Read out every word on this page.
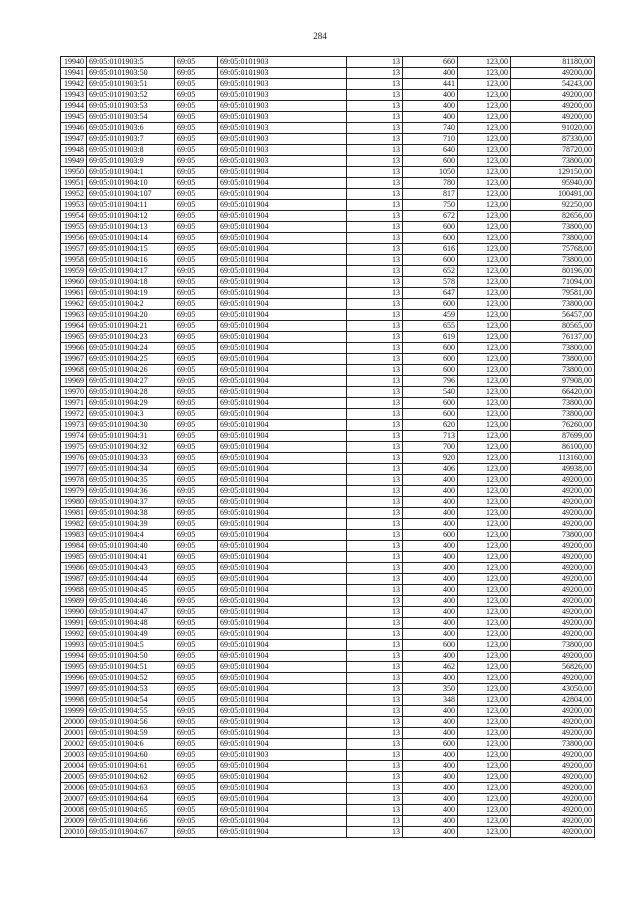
284
19940	69:05:0101903:5	69:05	69:05:0101903	13	660	123,00	81180,00
19941	69:05:0101903:50	69:05	69:05:0101903	13	400	123,00	49200,00
19942	69:05:0101903:51	69:05	69:05:0101903	13	441	123,00	54243,00
19943	69:05:0101903:52	69:05	69:05:0101903	13	400	123,00	49200,00
19944	69:05:0101903:53	69:05	69:05:0101903	13	400	123,00	49200,00
19945	69:05:0101903:54	69:05	69:05:0101903	13	400	123,00	49200,00
19946	69:05:0101903:6	69:05	69:05:0101903	13	740	123,00	91020,00
19947	69:05:0101903:7	69:05	69:05:0101903	13	710	123,00	87330,00
19948	69:05:0101903:8	69:05	69:05:0101903	13	640	123,00	78720,00
19949	69:05:0101903:9	69:05	69:05:0101903	13	600	123,00	73800,00
19950	69:05:0101904:1	69:05	69:05:0101904	13	1050	123,00	129150,00
19951	69:05:0101904:10	69:05	69:05:0101904	13	780	123,00	95940,00
19952	69:05:0101904:107	69:05	69:05:0101904	13	817	123,00	100491,00
19953	69:05:0101904:11	69:05	69:05:0101904	13	750	123,00	92250,00
19954	69:05:0101904:12	69:05	69:05:0101904	13	672	123,00	82656,00
19955	69:05:0101904:13	69:05	69:05:0101904	13	600	123,00	73800,00
19956	69:05:0101904:14	69:05	69:05:0101904	13	600	123,00	73800,00
19957	69:05:0101904:15	69:05	69:05:0101904	13	616	123,00	75768,00
19958	69:05:0101904:16	69:05	69:05:0101904	13	600	123,00	73800,00
19959	69:05:0101904:17	69:05	69:05:0101904	13	652	123,00	80196,00
19960	69:05:0101904:18	69:05	69:05:0101904	13	578	123,00	71094,00
19961	69:05:0101904:19	69:05	69:05:0101904	13	647	123,00	79581,00
19962	69:05:0101904:2	69:05	69:05:0101904	13	600	123,00	73800,00
19963	69:05:0101904:20	69:05	69:05:0101904	13	459	123,00	56457,00
19964	69:05:0101904:21	69:05	69:05:0101904	13	655	123,00	80565,00
19965	69:05:0101904:23	69:05	69:05:0101904	13	619	123,00	76137,00
19966	69:05:0101904:24	69:05	69:05:0101904	13	600	123,00	73800,00
19967	69:05:0101904:25	69:05	69:05:0101904	13	600	123,00	73800,00
19968	69:05:0101904:26	69:05	69:05:0101904	13	600	123,00	73800,00
19969	69:05:0101904:27	69:05	69:05:0101904	13	796	123,00	97908,00
19970	69:05:0101904:28	69:05	69:05:0101904	13	540	123,00	66420,00
19971	69:05:0101904:29	69:05	69:05:0101904	13	600	123,00	73800,00
19972	69:05:0101904:3	69:05	69:05:0101904	13	600	123,00	73800,00
19973	69:05:0101904:30	69:05	69:05:0101904	13	620	123,00	76260,00
19974	69:05:0101904:31	69:05	69:05:0101904	13	713	123,00	87699,00
19975	69:05:0101904:32	69:05	69:05:0101904	13	700	123,00	86100,00
19976	69:05:0101904:33	69:05	69:05:0101904	13	920	123,00	113160,00
19977	69:05:0101904:34	69:05	69:05:0101904	13	406	123,00	49938,00
19978	69:05:0101904:35	69:05	69:05:0101904	13	400	123,00	49200,00
19979	69:05:0101904:36	69:05	69:05:0101904	13	400	123,00	49200,00
19980	69:05:0101904:37	69:05	69:05:0101904	13	400	123,00	49200,00
19981	69:05:0101904:38	69:05	69:05:0101904	13	400	123,00	49200,00
19982	69:05:0101904:39	69:05	69:05:0101904	13	400	123,00	49200,00
19983	69:05:0101904:4	69:05	69:05:0101904	13	600	123,00	73800,00
19984	69:05:0101904:40	69:05	69:05:0101904	13	400	123,00	49200,00
19985	69:05:0101904:41	69:05	69:05:0101904	13	400	123,00	49200,00
19986	69:05:0101904:43	69:05	69:05:0101904	13	400	123,00	49200,00
19987	69:05:0101904:44	69:05	69:05:0101904	13	400	123,00	49200,00
19988	69:05:0101904:45	69:05	69:05:0101904	13	400	123,00	49200,00
19989	69:05:0101904:46	69:05	69:05:0101904	13	400	123,00	49200,00
19990	69:05:0101904:47	69:05	69:05:0101904	13	400	123,00	49200,00
19991	69:05:0101904:48	69:05	69:05:0101904	13	400	123,00	49200,00
19992	69:05:0101904:49	69:05	69:05:0101904	13	400	123,00	49200,00
19993	69:05:0101904:5	69:05	69:05:0101904	13	600	123,00	73800,00
19994	69:05:0101904:50	69:05	69:05:0101904	13	400	123,00	49200,00
19995	69:05:0101904:51	69:05	69:05:0101904	13	462	123,00	56826,00
19996	69:05:0101904:52	69:05	69:05:0101904	13	400	123,00	49200,00
19997	69:05:0101904:53	69:05	69:05:0101904	13	350	123,00	43050,00
19998	69:05:0101904:54	69:05	69:05:0101904	13	348	123,00	42804,00
19999	69:05:0101904:55	69:05	69:05:0101904	13	400	123,00	49200,00
20000	69:05:0101904:56	69:05	69:05:0101904	13	400	123,00	49200,00
20001	69:05:0101904:59	69:05	69:05:0101904	13	400	123,00	49200,00
20002	69:05:0101904:6	69:05	69:05:0101904	13	600	123,00	73800,00
20003	69:05:0101904:60	69:05	69:05:0101903	13	400	123,00	49200,00
20004	69:05:0101904:61	69:05	69:05:0101904	13	400	123,00	49200,00
20005	69:05:0101904:62	69:05	69:05:0101904	13	400	123,00	49200,00
20006	69:05:0101904:63	69:05	69:05:0101904	13	400	123,00	49200,00
20007	69:05:0101904:64	69:05	69:05:0101904	13	400	123,00	49200,00
20008	69:05:0101904:65	69:05	69:05:0101904	13	400	123,00	49200,00
20009	69:05:0101904:66	69:05	69:05:0101904	13	400	123,00	49200,00
20010	69:05:0101904:67	69:05	69:05:0101904	13	400	123,00	49200,00
